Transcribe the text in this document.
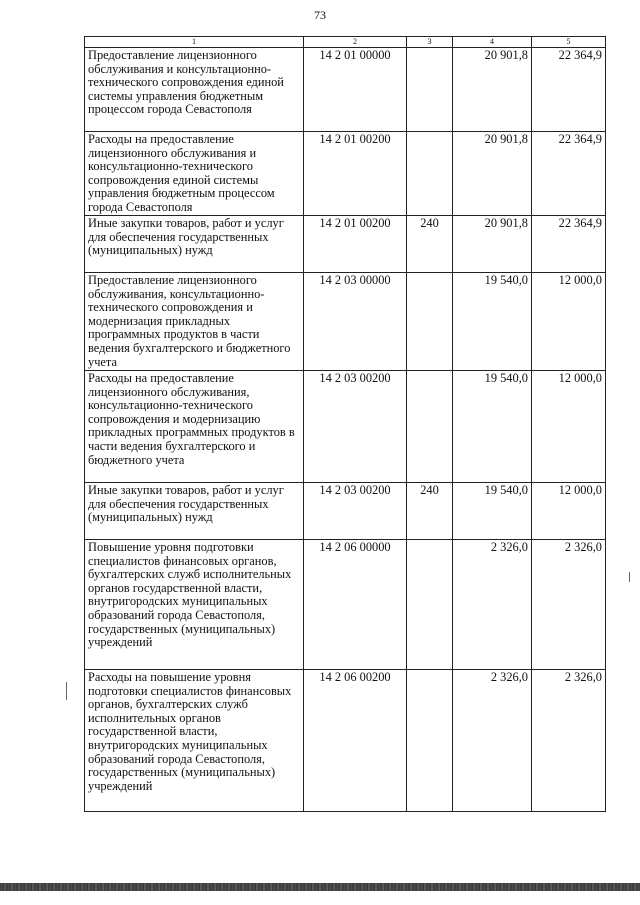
73
1	2	3	4	5
Предоставление лицензионного обслуживания и консультационно-технического сопровождения единой системы управления бюджетным процессом города Севастополя	14 2 01 00000		20 901,8	22 364,9
Расходы на предоставление лицензионного обслуживания и консультационно-технического сопровождения единой системы управления бюджетным процессом города Севастополя	14 2 01 00200		20 901,8	22 364,9
Иные закупки товаров, работ и услуг для обеспечения государственных (муниципальных) нужд	14 2 01 00200	240	20 901,8	22 364,9
Предоставление лицензионного обслуживания, консультационно-технического сопровождения и модернизация прикладных программных продуктов в части ведения бухгалтерского и бюджетного учета	14 2 03 00000		19 540,0	12 000,0
Расходы на предоставление лицензионного обслуживания, консультационно-технического сопровождения и модернизацию прикладных программных продуктов в части ведения бухгалтерского и бюджетного учета	14 2 03 00200		19 540,0	12 000,0
Иные закупки товаров, работ и услуг для обеспечения государственных (муниципальных) нужд	14 2 03 00200	240	19 540,0	12 000,0
Повышение уровня подготовки специалистов финансовых органов, бухгалтерских служб исполнительных органов государственной власти, внутригородских муниципальных образований города Севастополя, государственных (муниципальных) учреждений	14 2 06 00000		2 326,0	2 326,0
Расходы на повышение уровня подготовки специалистов финансовых органов, бухгалтерских служб исполнительных органов государственной власти, внутригородских муниципальных образований города Севастополя, государственных (муниципальных) учреждений	14 2 06 00200		2 326,0	2 326,0
